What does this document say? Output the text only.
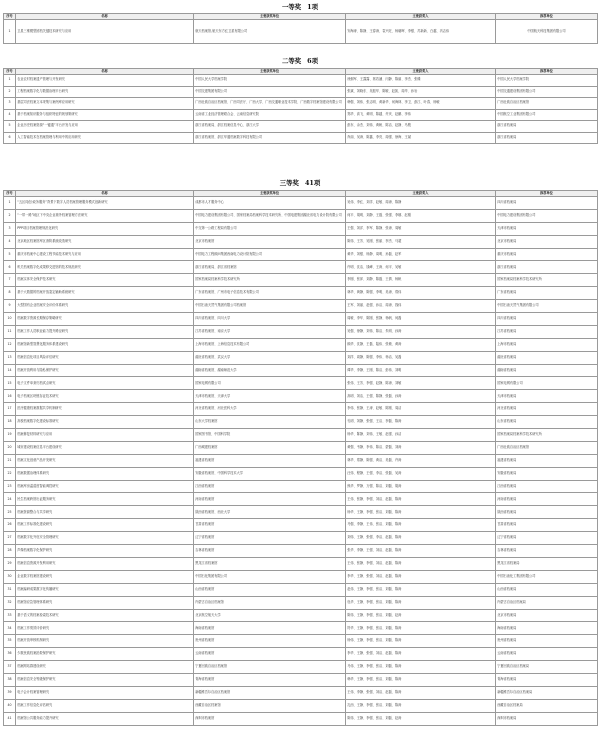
一等奖 1项
序号	名称	主要获奖单位	主要获奖人	推荐单位
1	卫星三维模型团档关键技术研究与应用	航天档案馆,航天东方红卫星有限公司	安海涛、陈静、王春涛、袁兴旺、杨朝晖、李强、苏新新、白越、冯志伟	中国航天科技集团有限公司
二等奖 6项
序号	名称	主要获奖单位	主要获奖人	推荐单位
1	农业农村档案遗产管理与开发研究	中国人民大学档案学院	徐拥军、王露露、郭若涵、闫静、陈丽、李杰、张臻	中国人民大学档案学院
2	工程档案数字化与数据治理平台研究	中国交建集团有限公司	张斌、刘晓东、吴振华、陈敏、赵凯、周华、孙岩	中国交通建设集团有限公司
3	基层司法档案文本采集与案例库应用研究	广西壮族自治区档案馆、广西司法厅、广西大学、广西交通职业技术学院、广西数字档案馆建设有限公司	韩强、刘伟、张志明、黄新华、何海林、李卫、彭江、叶春、杨敏	广西壮族自治区档案馆
4	基于档案知识服务与组织特征的规划策研究	云南省工业经济管理联合会、云南信息研究院	郑华、高飞、黄明、陈越、许庆、赵鹏、李伟	中国航空工业集团有限公司
5	企业历史档案资源“一键通”平台开发与应用	浙江省档案局、浙江档案信息中心、浙江大学	彭东、余杰、刘伟、黄帆、陈洁、赵静、马骏	浙江省档案局
6	人工智能技术在档案管理与利用中的应用研究	浙江省档案馆、浙江华通档案数字科技有限公司	肖丽、吴涛、陈鑫、李亮、周强、徐海、王斌	浙江省档案局
三等奖 41项
序号	名称	主要获奖单位	主要获奖人	推荐单位
1	“五区同创·政务服务”背景下数字人员档案管理服务模式创新研究	成都市人才服务中心	吴伟、李红、刘洋、赵敏、周涛、陈静	四川省档案局
2	“一带一路”地区下中央企业境外档案管理方法研究	中国电力建设集团有限公司、国家档案局档案科学技术研究所、中国电建集团湖北省电力设计院有限公司	何平、胡明、刘静、王磊、张强、李娜、赵刚	中国电力建设集团有限公司
3	PPP项目档案管理规范化研究	中交第一公路工程局有限公司	王强、刘洋、李军、陈静、张涛、周敏	天津市档案局
4	北京地区档案馆库区消防系统改造研究	北京市档案馆	陈伟、王芳、吴刚、张丽、李杰、马超	北京市档案局
5	重庆市档案中心建设工程节能技术研究与应用	中国电力工程顾问集团西南电力设计院有限公司	黄华、刘强、杨静、周明、孙磊、赵军	重庆市档案局
6	机关档案数字化成果移交进馆的技术规范研究	浙江省档案局、浙江省档案馆	许明、沈洁、钱峰、王涛、何平、吴敏	浙江省档案局
7	档案实体安全保护技术研究	国家档案局档案科学技术研究所	李刚、张萍、刘静、陈磊、王倩、杨帆	国家档案局档案科学技术研究所
8	基于大数据的档案开放鉴定辅助系统研究	广东省档案馆、广州市电子信息技术有限公司	林华、黄静、陈强、李明、吴涛、郑伟	广东省档案局
9	大型国有企业档案安全评价体系研究	中国石油天然气集团有限公司档案馆	王军、刘丽、赵强、孙洁、周涛、钱伟	中国石油天然气集团有限公司
10	档案数字资源长期保存策略研究	四川省档案馆、四川大学	周敏、李华、陈刚、张静、杨帆、何磊	四川省档案局
11	档案工作人员职业能力提升路径研究	江苏省档案馆、南京大学	吴强、徐静、刘伟、陈洁、朱明、孙涛	江苏省档案局
12	档案馆新型智慧化服务体系建设研究	上海市档案馆、上海信息技术有限公司	顾华、沈静、王磊、陆伟、张敏、黄涛	上海市档案局
13	档案信息化项目风险评估研究	湖北省档案馆、武汉大学	刘洋、周静、陈强、李伟、杨洁、吴磊	湖北省档案局
14	档案开放利用与隐私保护研究	湖南省档案馆、湖南师范大学	谭华、李静、王刚、陈洁、彭伟、刘明	湖南省档案局
15	电子文件单套归档试点研究	国家电网有限公司	张伟、王芳、李强、赵静、陈涛、刘敏	国家电网有限公司
16	电子档案区块链存证技术研究	天津市档案馆、天津大学	高明、刘洁、王强、陈静、张磊、孙涛	天津市档案局
17	医疗健康档案数据共享机制研究	河北省档案馆、河北医科大学	李伟、张静、王涛、赵敏、陈刚、周洁	河北省档案局
18	高校档案数字化建设标准研究	山东大学档案馆	孔明、刘静、张强、王洁、李磊、陈涛	山东省档案局
19	档案修复材料研究与应用	国家图书馆、中国科学院	杨华、陈静、刘伟、王敏、赵强、孙洁	国家档案局档案科学技术研究所
20	城市建设档案信息平台建设研究	广西城建档案馆	黄强、韦静、李伟、陈洁、蒙磊、刘涛	广西壮族自治区档案馆
21	档案文化创意产品开发研究	福建省档案馆	林华、郑静、陈强、黄洁、吴磊、许涛	福建省档案局
22	档案数据治理体系研究	安徽省档案馆、中国科学技术大学	汪伟、程静、王强、李洁、张磊、吴涛	安徽省档案局
23	档案库房温湿度智能调控研究	江西省档案馆	熊华、罗静、万强、陈洁、刘磊、胡涛	江西省档案局
24	民生档案跨馆出证服务研究	河南省档案馆	王伟、张静、李强、刘洁、赵磊、陈涛	河南省档案局
25	档案资源整合与共享研究	陕西省档案馆、西北大学	杨华、王静、李强、张洁、刘磊、陈涛	陕西省档案局
26	档案工作标准化建设研究	甘肃省档案馆	马强、李静、王伟、张洁、刘磊、陈涛	甘肃省档案局
27	档案数字化外包安全管理研究	辽宁省档案馆	刘伟、王静、张强、李洁、赵磊、陈涛	辽宁省档案局
28	声像档案数字化保护研究	吉林省档案馆	张华、李静、王强、刘洁、赵磊、陈涛	吉林省档案局
29	档案信息资源开发利用研究	黑龙江省档案馆	王伟、张静、李强、刘洁、赵磊、陈涛	黑龙江省档案局
30	企业数字档案馆建设研究	中国石化集团有限公司	李华、王静、张强、刘洁、赵磊、陈涛	中国石油化工集团有限公司
31	档案编研成果数字化传播研究	山西省档案馆	赵伟、王静、李强、张洁、刘磊、陈涛	山西省档案局
32	档案馆应急管理体系研究	内蒙古自治区档案馆	包华、王静、李强、张洁、刘磊、陈涛	内蒙古自治区档案局
33	基于语义的档案检索技术研究	北京航空航天大学	陈伟、王静、李强、张洁、刘磊、赵涛	北京市档案局
34	档案工作绩效评价研究	海南省档案馆	符华、王静、李强、张洁、刘磊、陈涛	海南省档案局
35	档案开放审核机制研究	贵州省档案馆	杨伟、王静、李强、张洁、刘磊、陈涛	贵州省档案局
36	少数民族档案抢救保护研究	云南省档案馆	李华、王静、张强、刘洁、赵磊、陈涛	云南省档案局
37	档案网站群建设研究	宁夏回族自治区档案馆	马伟、王静、李强、张洁、刘磊、陈涛	宁夏回族自治区档案局
38	档案信息安全等级保护研究	青海省档案馆	韩华、王静、李强、张洁、刘磊、陈涛	青海省档案局
39	电子会计档案管理研究	新疆维吾尔自治区档案馆	王伟、李静、张强、刘洁、赵磊、陈涛	新疆维吾尔自治区档案局
40	档案工作信息化评估研究	西藏自治区档案馆	扎西、王静、李强、张洁、刘磊、陈涛	西藏自治区档案局
41	档案馆公共服务能力提升研究	深圳市档案馆	陈伟、王静、李强、张洁、刘磊、赵涛	深圳市档案局
